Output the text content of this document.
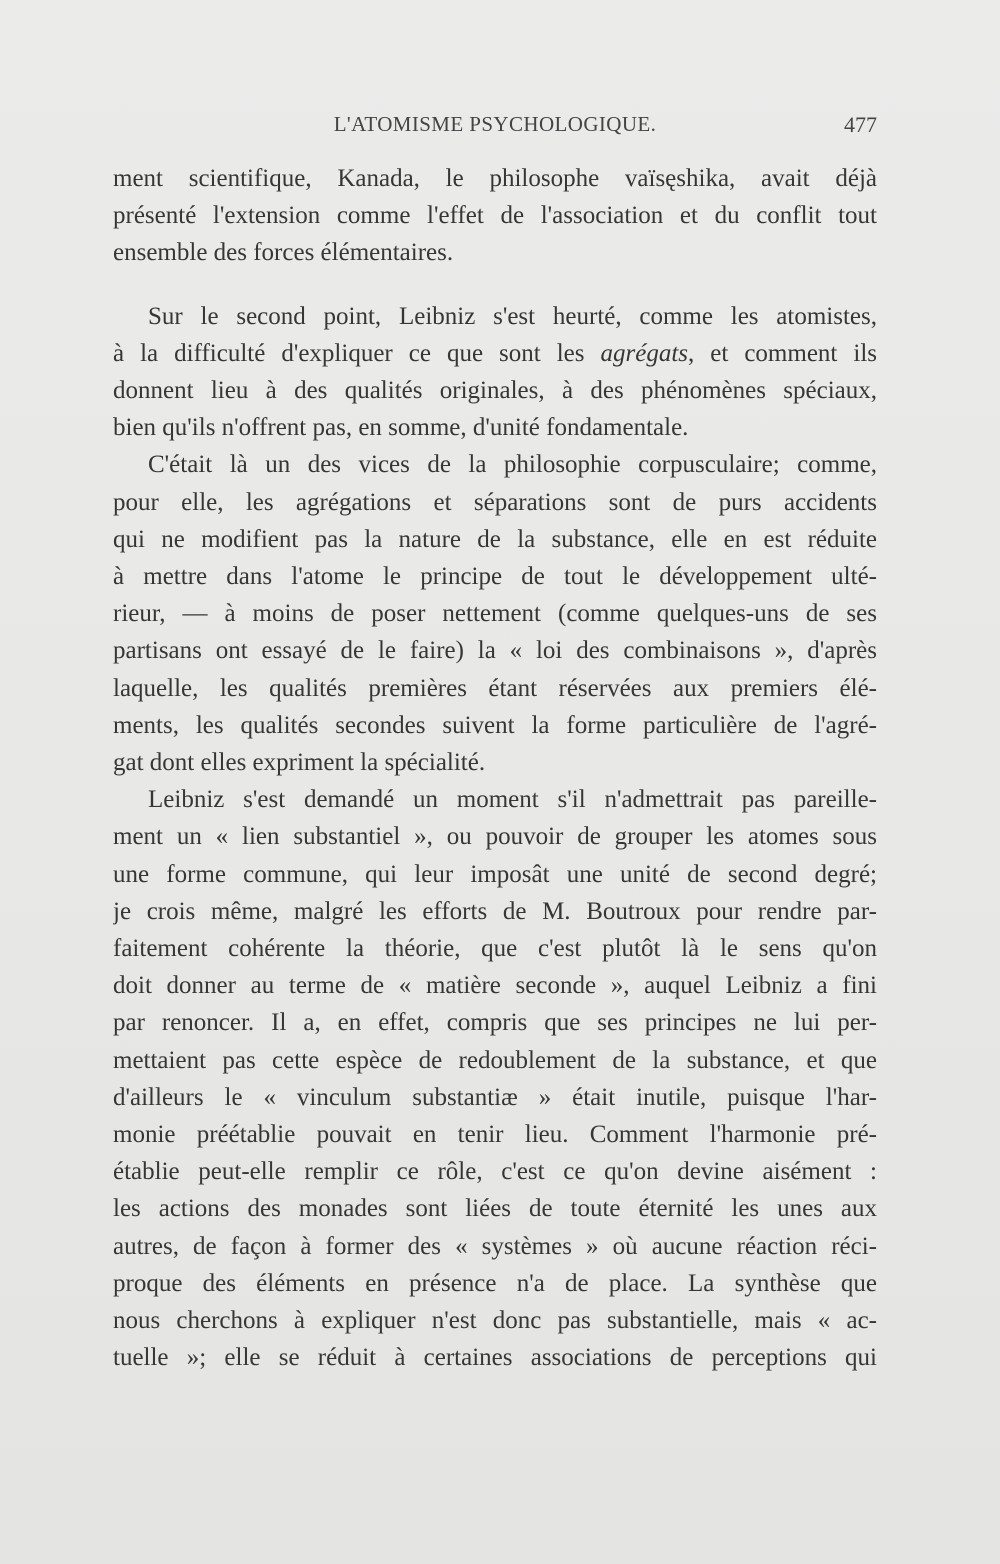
L'ATOMISME PSYCHOLOGIQUE.	477
ment scientifique, Kanada, le philosophe vaïsęshika, avait déjà
présenté l'extension comme l'effet de l'association et du conflit tout
ensemble des forces élémentaires.
Sur le second point, Leibniz s'est heurté, comme les atomistes,
à la difficulté d'expliquer ce que sont les agrégats, et comment ils
donnent lieu à des qualités originales, à des phénomènes spéciaux,
bien qu'ils n'offrent pas, en somme, d'unité fondamentale.
C'était là un des vices de la philosophie corpusculaire; comme,
pour elle, les agrégations et séparations sont de purs accidents
qui ne modifient pas la nature de la substance, elle en est réduite
à mettre dans l'atome le principe de tout le développement ulté-
rieur, — à moins de poser nettement (comme quelques-uns de ses
partisans ont essayé de le faire) la « loi des combinaisons », d'après
laquelle, les qualités premières étant réservées aux premiers élé-
ments, les qualités secondes suivent la forme particulière de l'agré-
gat dont elles expriment la spécialité.
Leibniz s'est demandé un moment s'il n'admettrait pas pareille-
ment un « lien substantiel », ou pouvoir de grouper les atomes sous
une forme commune, qui leur imposât une unité de second degré;
je crois même, malgré les efforts de M. Boutroux pour rendre par-
faitement cohérente la théorie, que c'est plutôt là le sens qu'on
doit donner au terme de « matière seconde », auquel Leibniz a fini
par renoncer. Il a, en effet, compris que ses principes ne lui per-
mettaient pas cette espèce de redoublement de la substance, et que
d'ailleurs le « vinculum substantiæ » était inutile, puisque l'har-
monie préétablie pouvait en tenir lieu. Comment l'harmonie pré-
établie peut-elle remplir ce rôle, c'est ce qu'on devine aisément :
les actions des monades sont liées de toute éternité les unes aux
autres, de façon à former des « systèmes » où aucune réaction réci-
proque des éléments en présence n'a de place. La synthèse que
nous cherchons à expliquer n'est donc pas substantielle, mais « ac-
tuelle »; elle se réduit à certaines associations de perceptions qui
